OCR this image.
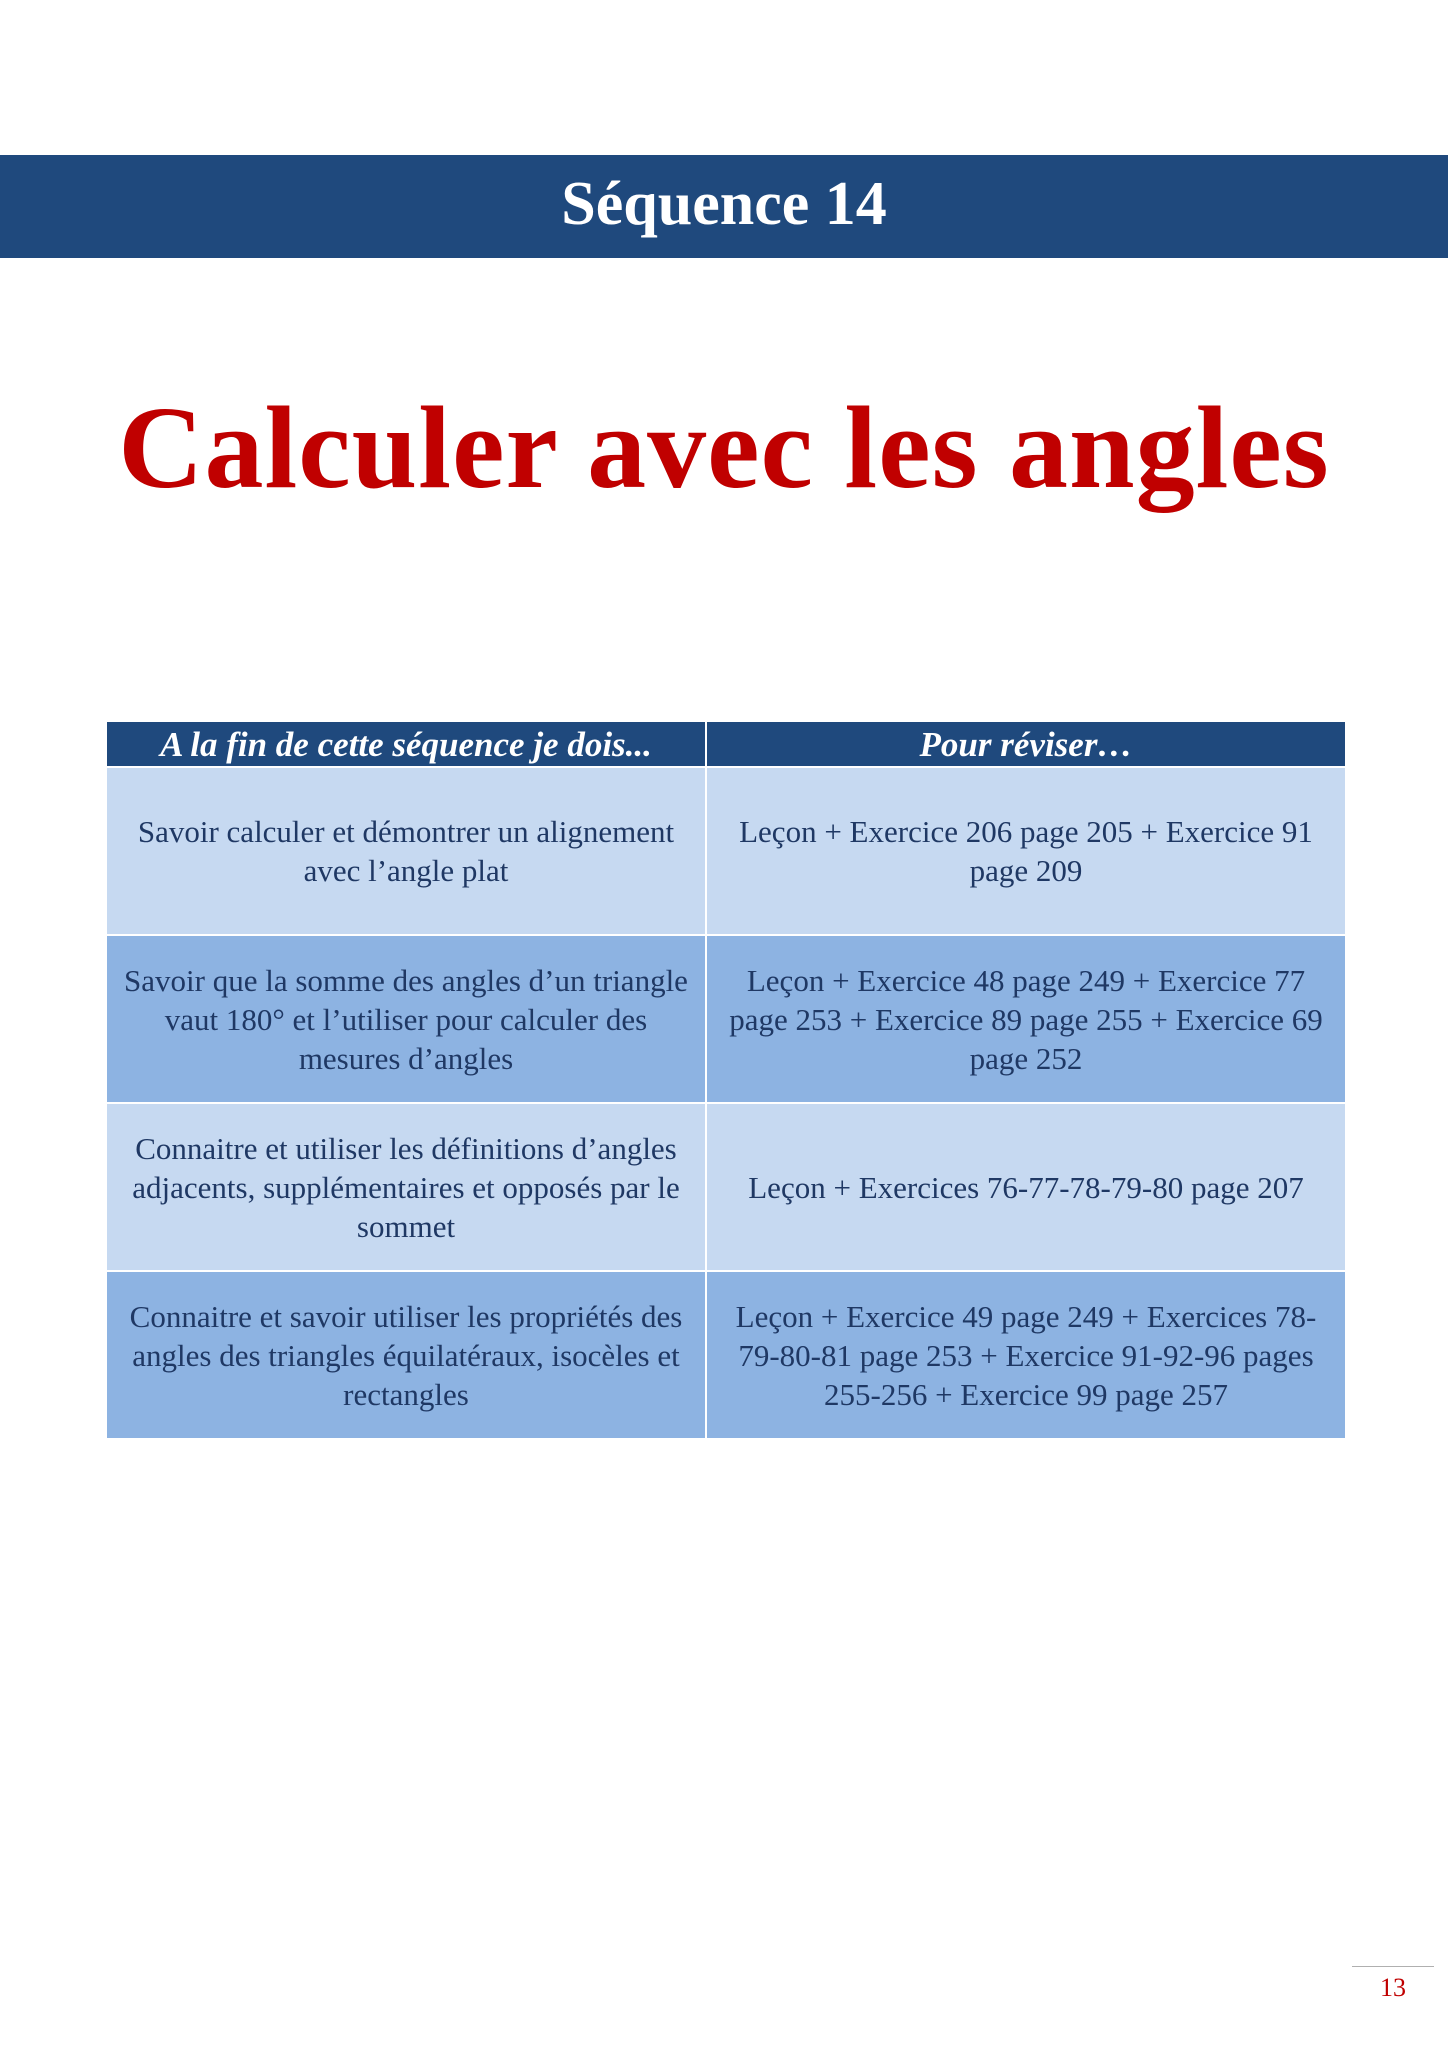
Séquence 14
Calculer avec les angles
A la fin de cette séquence je dois...	Pour réviser…
Savoir calculer et démontrer un alignement avec l’angle plat	Leçon + Exercice 206 page 205 + Exercice 91 page 209
Savoir que la somme des angles d’un triangle vaut 180° et l’utiliser pour calculer des mesures d’angles	Leçon + Exercice 48 page 249 + Exercice 77 page 253 + Exercice 89 page 255 + Exercice 69 page 252
Connaitre et utiliser les définitions d’angles adjacents, supplémentaires et opposés par le sommet	Leçon + Exercices 76-77-78-79-80 page 207
Connaitre et savoir utiliser les propriétés des angles des triangles équilatéraux, isocèles et rectangles	Leçon + Exercice 49 page 249 + Exercices 78-79-80-81 page 253 + Exercice 91-92-96 pages 255-256 + Exercice 99 page 257
13
